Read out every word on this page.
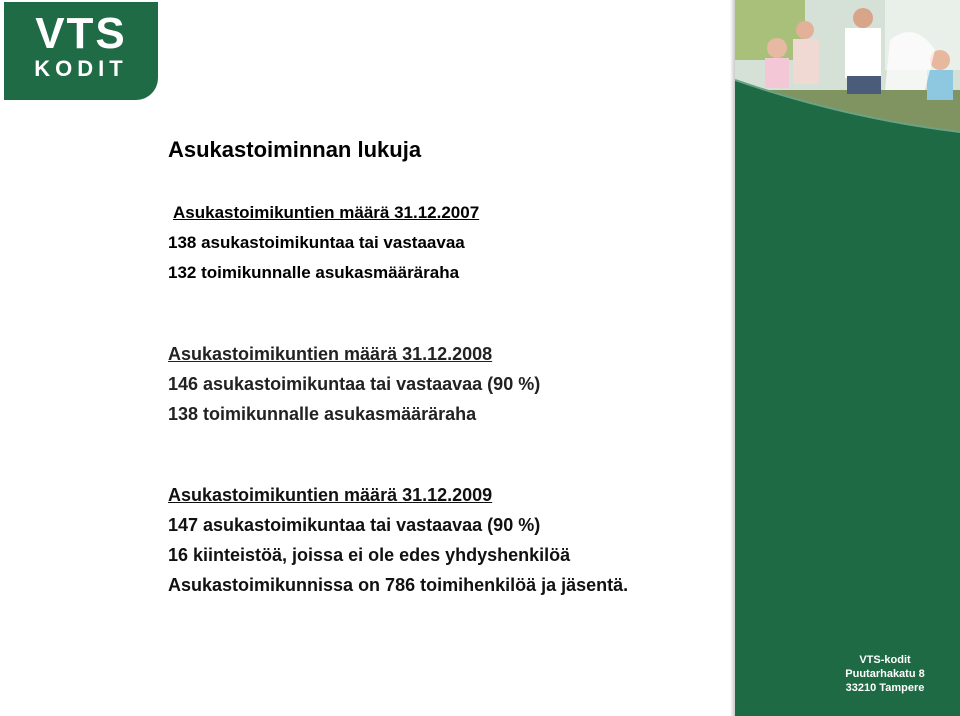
VTS
KODIT
Asukastoiminnan lukuja
Asukastoimikuntien määrä 31.12.2007
138 asukastoimikuntaa tai vastaavaa
132 toimikunnalle asukasmääräraha
Asukastoimikuntien määrä 31.12.2008
146 asukastoimikuntaa tai vastaavaa (90 %)
138 toimikunnalle asukasmääräraha
Asukastoimikuntien määrä 31.12.2009
147 asukastoimikuntaa tai vastaavaa (90 %)
16 kiinteistöä, joissa ei ole edes yhdyshenkilöä
Asukastoimikunnissa on 786 toimihenkilöä ja jäsentä.
VTS-kodit
Puutarhakatu 8
33210 Tampere
